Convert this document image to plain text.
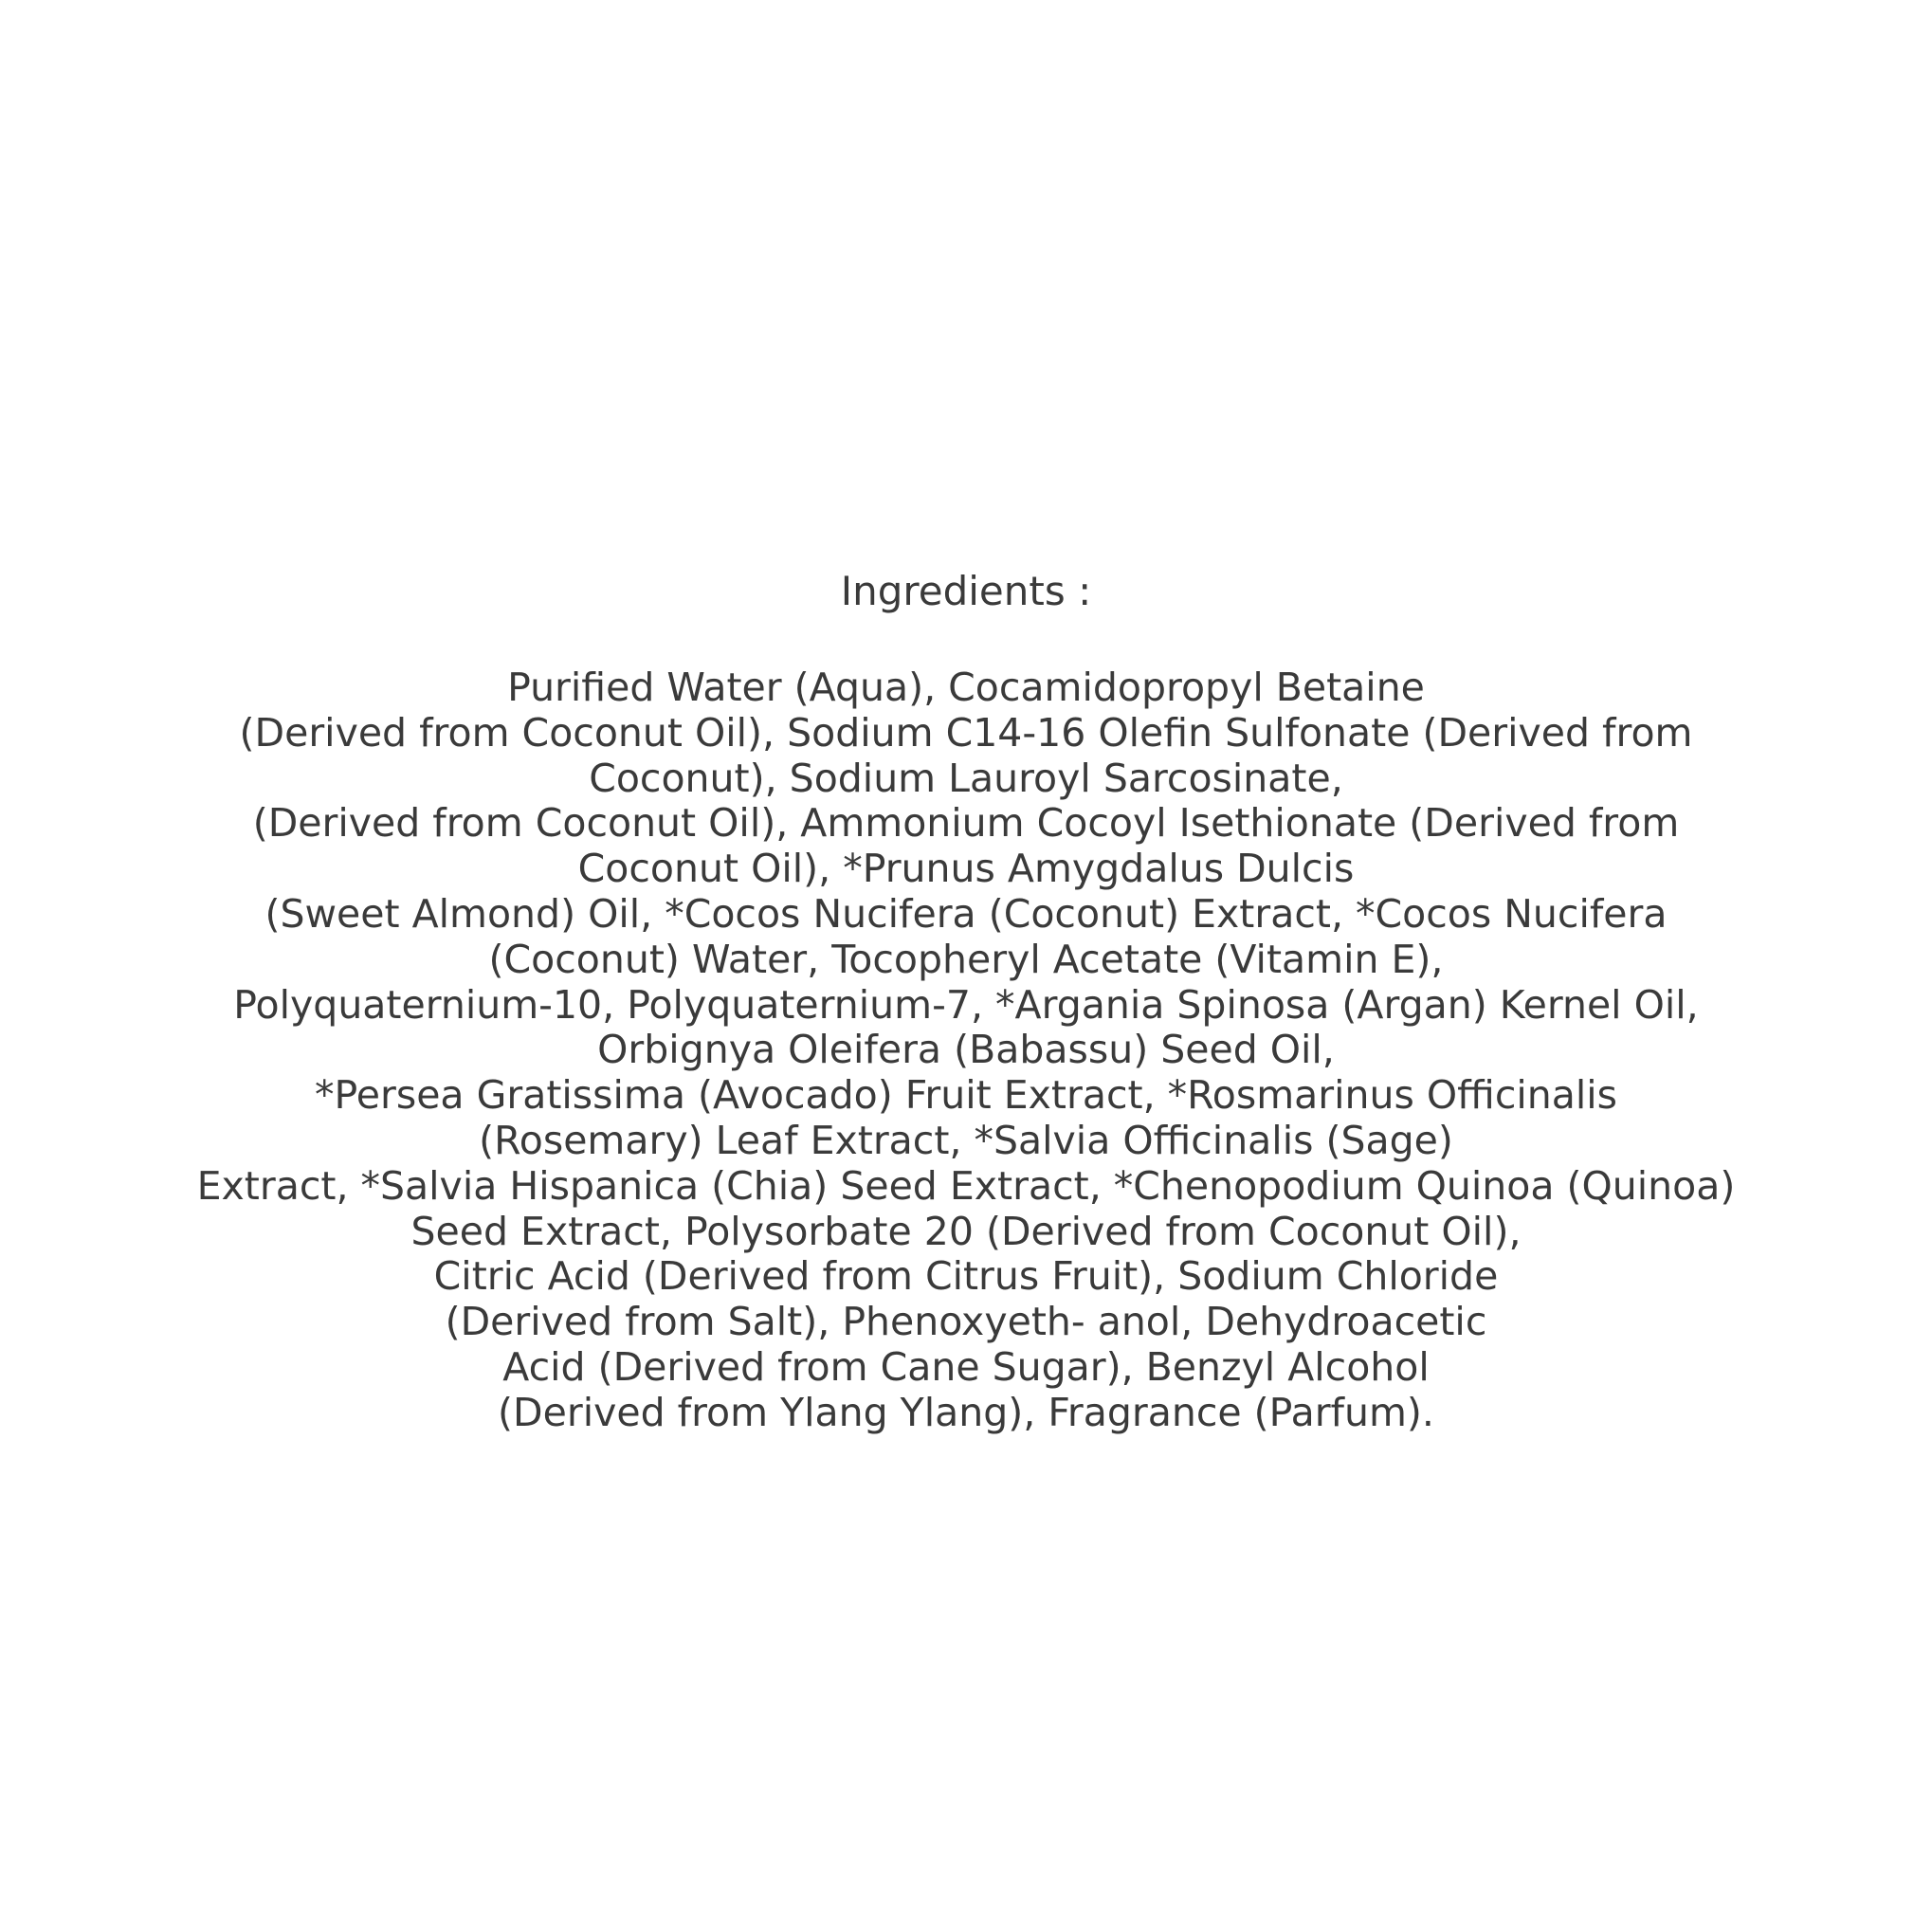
Ingredients :
Purified Water (Aqua), Cocamidopropyl Betaine
(Derived from Coconut Oil), Sodium C14-16 Olefin Sulfonate (Derived from
Coconut), Sodium Lauroyl Sarcosinate,
(Derived from Coconut Oil), Ammonium Cocoyl Isethionate (Derived from
Coconut Oil), *Prunus Amygdalus Dulcis
(Sweet Almond) Oil, *Cocos Nucifera (Coconut) Extract, *Cocos Nucifera
(Coconut) Water, Tocopheryl Acetate (Vitamin E),
Polyquaternium-10, Polyquaternium-7, *Argania Spinosa (Argan) Kernel Oil,
Orbignya Oleifera (Babassu) Seed Oil,
*Persea Gratissima (Avocado) Fruit Extract, *Rosmarinus Officinalis
(Rosemary) Leaf Extract, *Salvia Officinalis (Sage)
Extract, *Salvia Hispanica (Chia) Seed Extract, *Chenopodium Quinoa (Quinoa)
Seed Extract, Polysorbate 20 (Derived from Coconut Oil),
Citric Acid (Derived from Citrus Fruit), Sodium Chloride
(Derived from Salt), Phenoxyeth- anol, Dehydroacetic
Acid (Derived from Cane Sugar), Benzyl Alcohol
(Derived from Ylang Ylang), Fragrance (Parfum).
